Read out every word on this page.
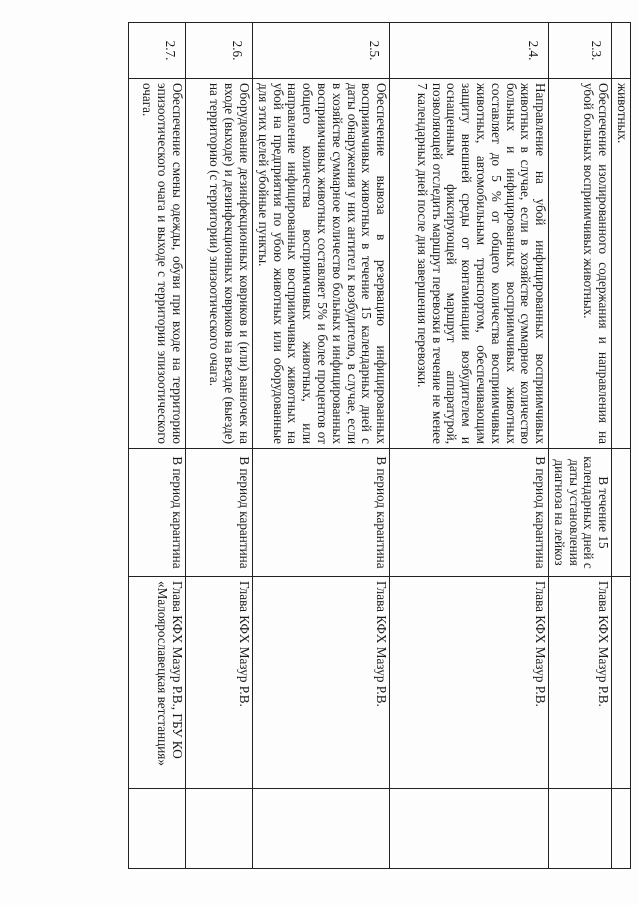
	животных.			
2.3.	Обеспечение изолированного содержания и направления на убой больных восприимчивых животных.	В течение 15 календарных дней с даты установления диагноза на лейкоз	Глава КФХ Мазур Р.В.	
2.4.	Направление на убой инфицированных восприимчивых животных в случае, если в хозяйстве суммарное количество больных и инфицированных восприимчивых животных составляет до 5 % от общего количества восприимчивых животных, автомобильным транспортом, обеспечивающим защиту внешней среды от контаминации возбудителем и оснащенным фиксирующей маршрут аппаратурой, позволяющей отследить маршрут перевозки в течение не менее 7 календарных дней после дня завершения перевозки.	В период карантина	Глава КФХ Мазур Р.В.	
2.5.	Обеспечение вывоза в резервацию инфицированных восприимчивых животных в течение 15 календарных дней с даты обнаружения у них антител к возбудителю, в случае, если в хозяйстве суммарное количество больных и инфицированных восприимчивых животных составляет 5% и более процентов от общего количества восприимчивых животных, или направление инфицированных восприимчивых животных на убой на предприятия по убою животных или оборудованные для этих целей убойные пункты.	В период карантина	Глава КФХ Мазур Р.В.	
2.6.	Оборудование дезинфекционных ковриков и (или) ванночек на входе (выходе) и дезинфекционных ковриков на въезде (выезде) на территорию (с территории) эпизоотического очага.	В период карантина	Глава КФХ Мазур Р.В.	
2.7.	Обеспечение смены одежды, обуви при входе на территорию эпизоотического очага и выходе с территории эпизоотического очага.	В период карантина	Глава КФХ Мазур Р.В., ГБУ КО «Малоярославецкая ветстанция»	
